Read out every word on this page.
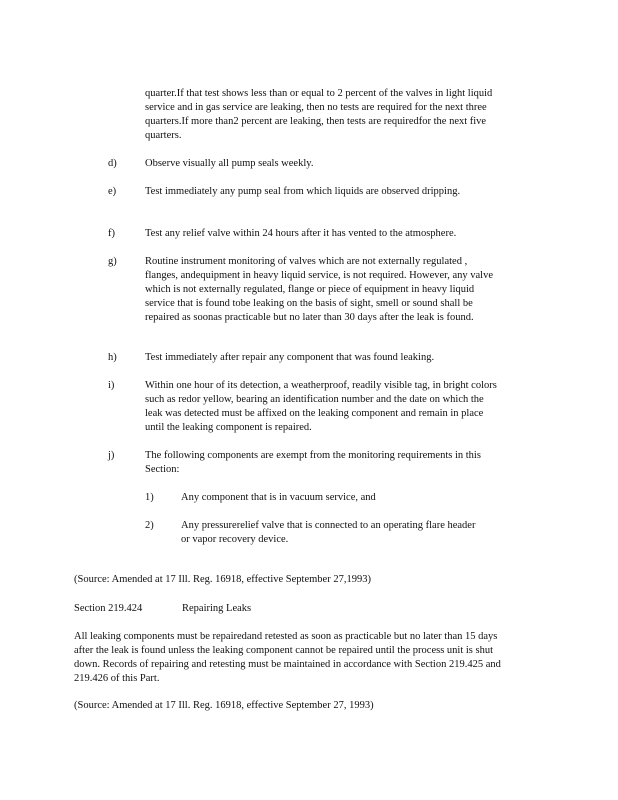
quarter.If that test shows less than or equal to 2 percent of the valves in light liquid service and in gas service are leaking, then no tests are required for the next three quarters.If more than2 percent are leaking, then tests are requiredfor the next five quarters.
d)	Observe visually all pump seals weekly.
e)	Test immediately any pump seal from which liquids are observed dripping.
f)	Test any relief valve within 24 hours after it has vented to the atmosphere.
g)	Routine instrument monitoring of valves which are not externally regulated , flanges, andequipment in heavy liquid service, is not required. However, any valve which is not externally regulated, flange or piece of equipment in heavy liquid service that is found tobe leaking on the basis of sight, smell or sound shall be repaired as soonas practicable but no later than 30 days after the leak is found.
h)	Test immediately after repair any component that was found leaking.
i)	Within one hour of its detection, a weatherproof, readily visible tag, in bright colors such as redor yellow, bearing an identification number and the date on which the leak was detected must be affixed on the leaking component and remain in place until the leaking component is repaired.
j)	The following components are exempt from the monitoring requirements in this Section:
1)	Any component that is in vacuum service, and
2)	Any pressurerelief valve that is connected to an operating flare header or vapor recovery device.
(Source: Amended at 17 Ill. Reg. 16918, effective September 27,1993)
Section 219.424	Repairing Leaks
All leaking components must be repairedand retested as soon as practicable but no later than 15 days after the leak is found unless the leaking component cannot be repaired until the process unit is shut down. Records of repairing and retesting must be maintained in accordance with Section 219.425 and 219.426 of this Part.
(Source: Amended at 17 Ill. Reg. 16918, effective September 27, 1993)
